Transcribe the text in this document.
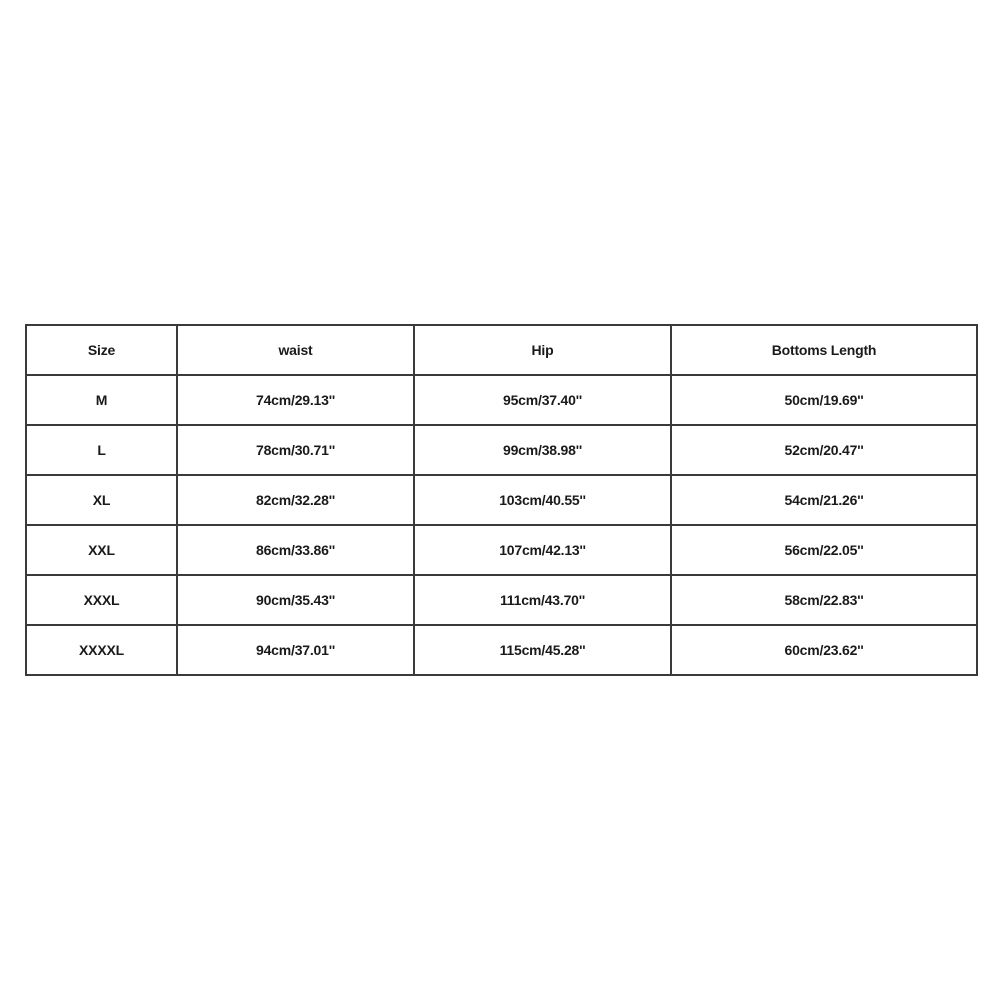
Size	waist	Hip	Bottoms Length
M	74cm/29.13''	95cm/37.40''	50cm/19.69''
L	78cm/30.71''	99cm/38.98''	52cm/20.47''
XL	82cm/32.28''	103cm/40.55''	54cm/21.26''
XXL	86cm/33.86''	107cm/42.13''	56cm/22.05''
XXXL	90cm/35.43''	111cm/43.70''	58cm/22.83''
XXXXL	94cm/37.01''	115cm/45.28''	60cm/23.62''
